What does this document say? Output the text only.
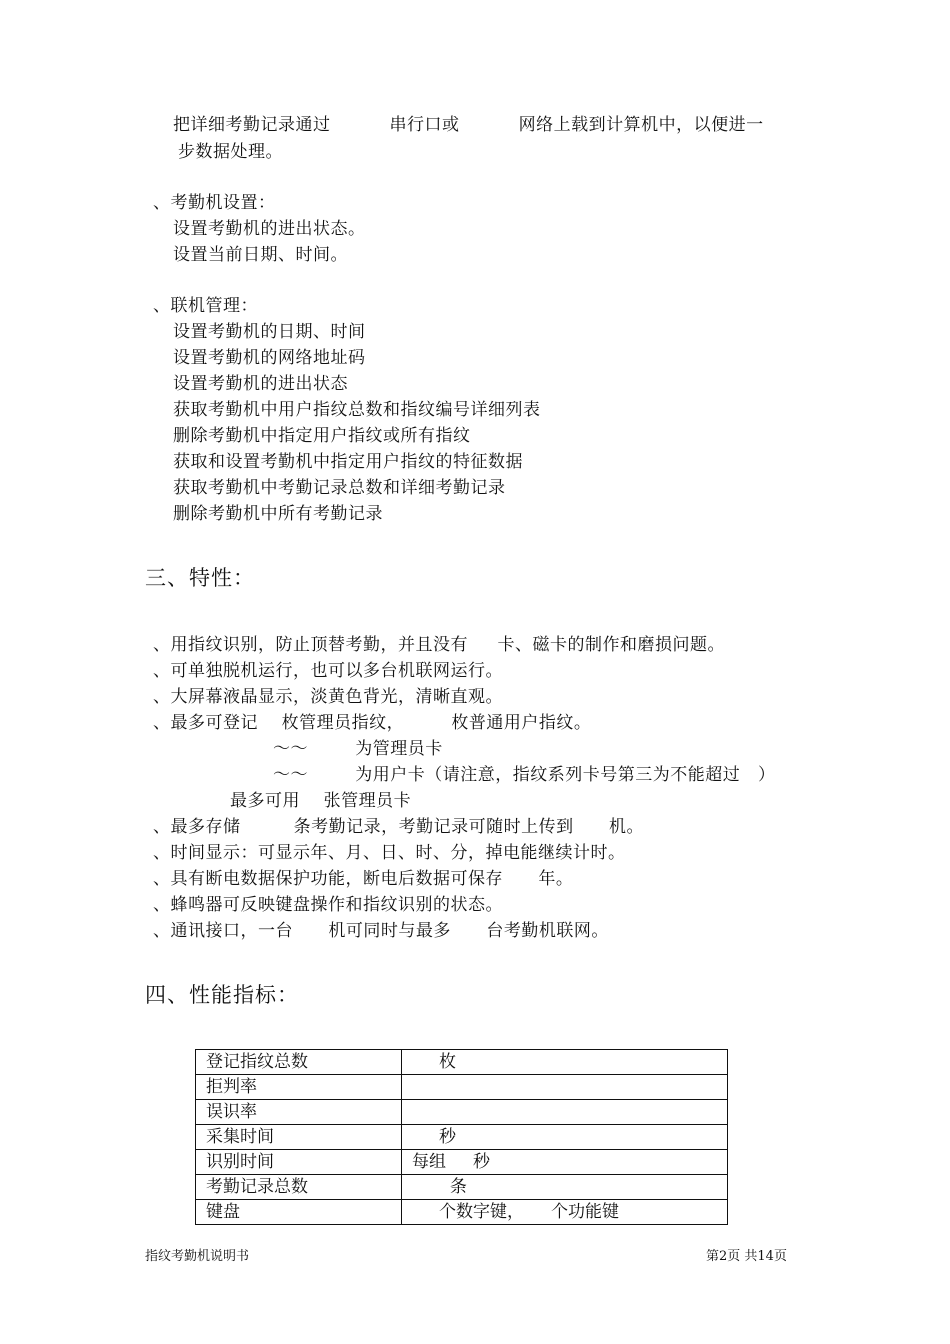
把详细考勤记录通过          串行口或          网络上载到计算机中，以便进一
步数据处理。
、考勤机设置：
设置考勤机的进出状态。
设置当前日期、时间。
、联机管理：
设置考勤机的日期、时间
设置考勤机的网络地址码
设置考勤机的进出状态
获取考勤机中用户指纹总数和指纹编号详细列表
删除考勤机中指定用户指纹或所有指纹
获取和设置考勤机中指定用户指纹的特征数据
获取考勤机中考勤记录总数和详细考勤记录
删除考勤机中所有考勤记录
三、特性：
、用指纹识别，防止顶替考勤，并且没有     卡、磁卡的制作和磨损问题。
、可单独脱机运行，也可以多台机联网运行。
、大屏幕液晶显示，淡黄色背光，清晰直观。
、最多可登记    枚管理员指纹，        枚普通用户指纹。
～～        为管理员卡
～～        为用户卡（请注意，指纹系列卡号第三为不能超过   ）
最多可用    张管理员卡
、最多存储         条考勤记录，考勤记录可随时上传到      机。
、时间显示：可显示年、月、日、时、分，掉电能继续计时。
、具有断电数据保护功能，断电后数据可保存      年。
、蜂鸣器可反映键盘操作和指纹识别的状态。
、通讯接口，一台      机可同时与最多      台考勤机联网。
四、性能指标：
登记指纹总数	枚
拒判率	
误识率	
采集时间	秒
识别时间	每组     秒
考勤记录总数	条
键盘	个数字键，     个功能键
指纹考勤机说明书	第2页 共14页
